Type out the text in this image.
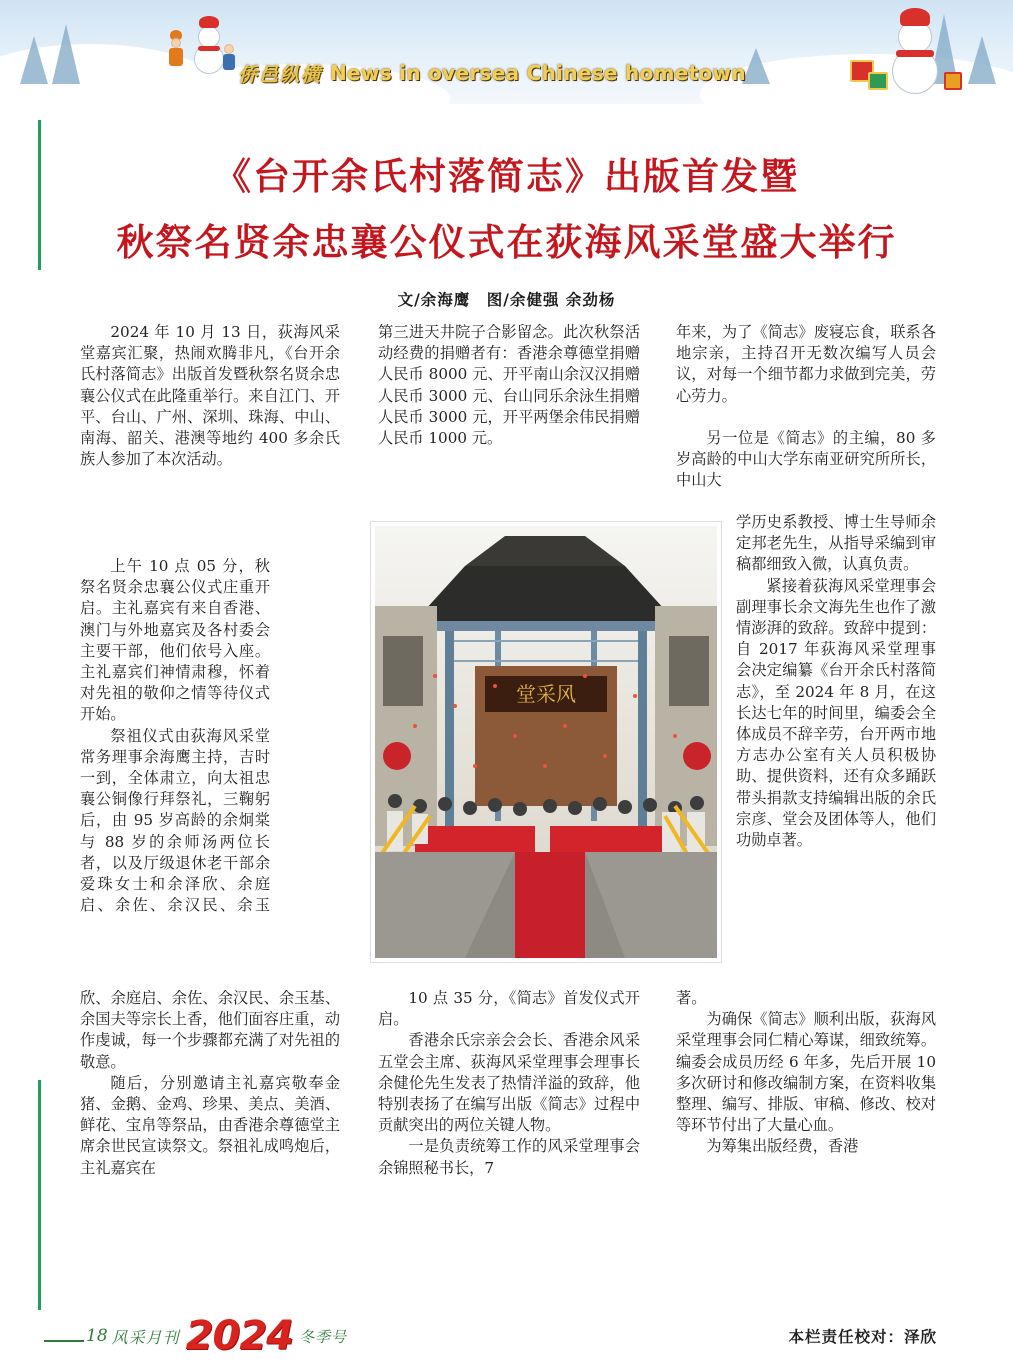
侨邑纵横 News in oversea Chinese hometown
《台开余氏村落简志》出版首发暨
秋祭名贤余忠襄公仪式在荻海风采堂盛大举行
文/余海鹰　图/余健强 余劲杨

2024 年 10 月 13 日，荻海风采堂嘉宾汇聚，热闹欢腾非凡，《台开余氏村落简志》出版首发暨秋祭名贤余忠襄公仪式在此隆重举行。来自江门、开平、台山、广州、深圳、珠海、中山、南海、韶关、港澳等地约 400 多余氏族人参加了本次活动。

上午 10 点 05 分，秋祭名贤余忠襄公仪式庄重开启。主礼嘉宾有来自香港、澳门与外地嘉宾及各村委会主要干部，他们依号入座。主礼嘉宾们神情肃穆，怀着对先祖的敬仰之情等待仪式开始。

祭祖仪式由荻海风采堂常务理事余海鹰主持，吉时一到，全体肃立，向太祖忠襄公铜像行拜祭礼，三鞠躬后，由 95 岁高龄的余炯棠与 88 岁的余师汤两位长者，以及厅级退休老干部余爱珠女士和余泽欣、余庭启、余佐、余汉民、余玉

欣、余庭启、余佐、余汉民、余玉基、余国夫等宗长上香，他们面容庄重，动作虔诚，每一个步骤都充满了对先祖的敬意。

随后，分别邀请主礼嘉宾敬奉金猪、金鹅、金鸡、珍果、美点、美酒、鲜花、宝帛等祭品，由香港余尊德堂主席余世民宣读祭文。祭祖礼成鸣炮后，主礼嘉宾在

第三进天井院子合影留念。此次秋祭活动经费的捐赠者有：香港余尊德堂捐赠人民币 8000 元、开平南山余汉汉捐赠人民币 3000 元、台山同乐余泳生捐赠人民币 3000 元，开平两堡余伟民捐赠人民币 1000 元。

堂采风

10 点 35 分，《简志》首发仪式开启。

香港余氏宗亲会会长、香港余风采五堂会主席、荻海风采堂理事会理事长余健伦先生发表了热情洋溢的致辞，他特别表扬了在编写出版《简志》过程中贡献突出的两位关键人物。

一是负责统筹工作的风采堂理事会余锦照秘书长，7

年来，为了《简志》废寝忘食，联系各地宗亲，主持召开无数次编写人员会议，对每一个细节都力求做到完美，劳心劳力。

另一位是《简志》的主编，80 多岁高龄的中山大学东南亚研究所所长，中山大

学历史系教授、博士生导师余定邦老先生，从指导采编到审稿都细致入微，认真负责。

紧接着荻海风采堂理事会副理事长余文海先生也作了激情澎湃的致辞。致辞中提到：自 2017 年荻海风采堂理事会决定编纂《台开余氏村落简志》，至 2024 年 8 月，在这长达七年的时间里，编委会全体成员不辞辛劳，台开两市地方志办公室有关人员积极协助、提供资料，还有众多踊跃带头捐款支持编辑出版的余氏宗彦、堂会及团体等人，他们功勋卓著。

著。

为确保《简志》顺利出版，荻海风采堂理事会同仁精心筹谋，细致统筹。编委会成员历经 6 年多，先后开展 10 多次研讨和修改编制方案，在资料收集整理、编写、排版、审稿、修改、校对等环节付出了大量心血。

为筹集出版经费，香港

18 风采月刊 2024 冬季号	本栏责任校对：泽欣
